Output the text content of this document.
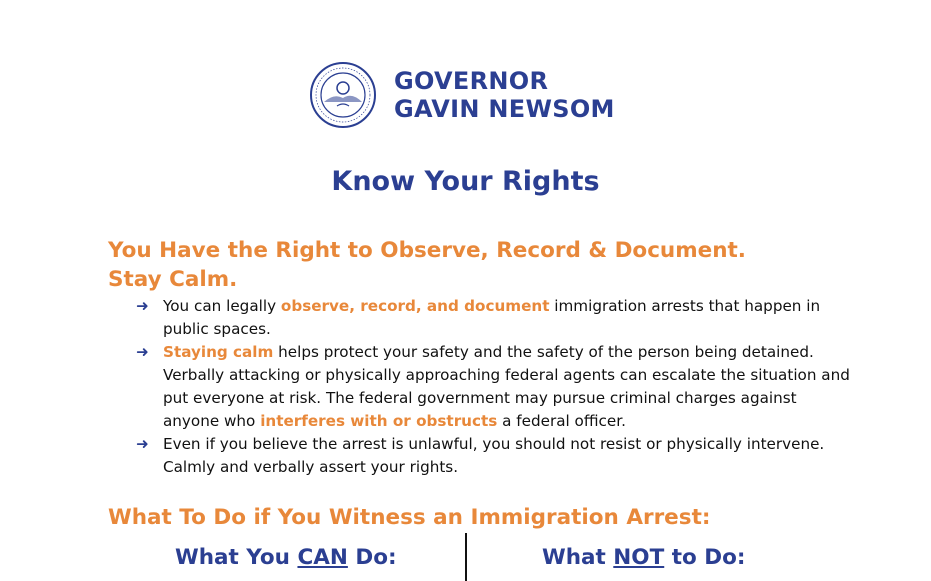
GOVERNOR
GAVIN NEWSOM
Know Your Rights
You Have the Right to Observe, Record & Document.
Stay Calm.
➜ You can legally observe, record, and document immigration arrests that happen in public spaces.
➜ Staying calm helps protect your safety and the safety of the person being detained. Verbally attacking or physically approaching federal agents can escalate the situation and put everyone at risk. The federal government may pursue criminal charges against anyone who interferes with or obstructs a federal officer.
➜ Even if you believe the arrest is unlawful, you should not resist or physically intervene. Calmly and verbally assert your rights.
What To Do if You Witness an Immigration Arrest:
What You CAN Do:	What NOT to Do:
